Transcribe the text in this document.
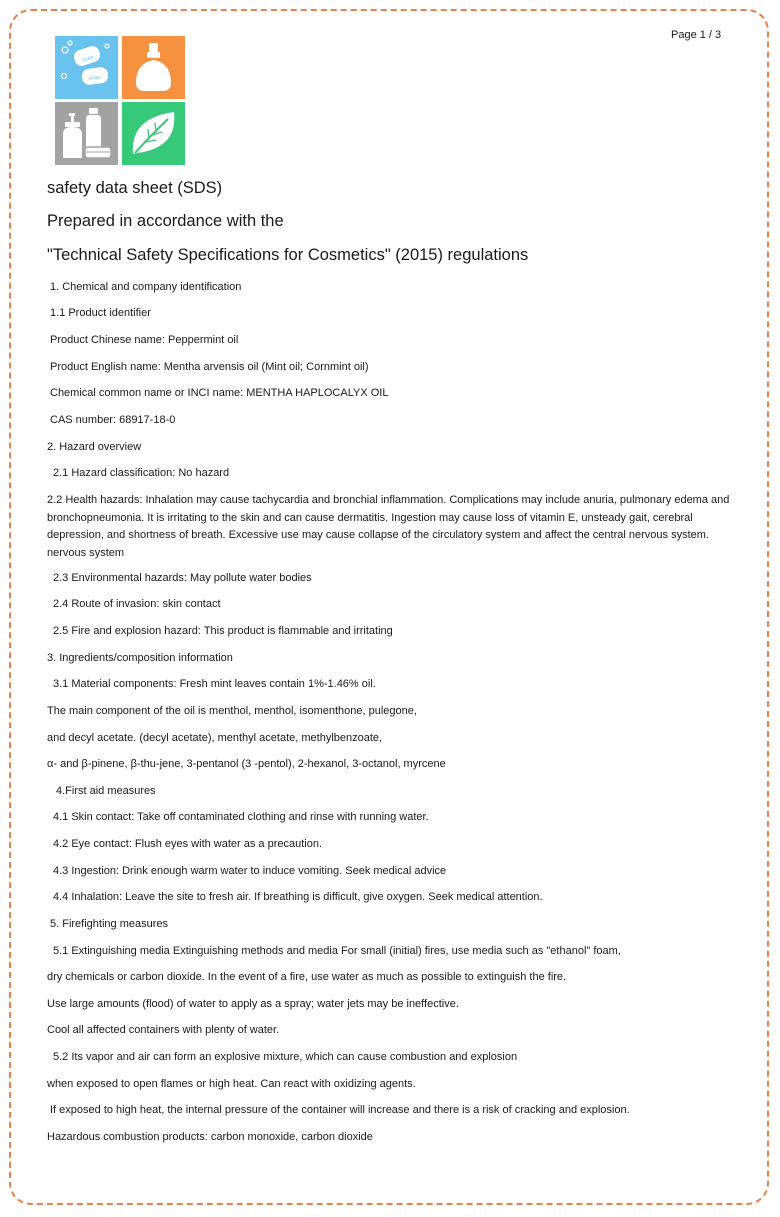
Page 1 / 3
soap
soap
safety data sheet (SDS)
Prepared in accordance with the
"Technical Safety Specifications for Cosmetics" (2015) regulations
1. Chemical and company identification
1.1 Product identifier
Product Chinese name: Peppermint oil
Product English name: Mentha arvensis oil (Mint oil; Cornmint oil)
Chemical common name or INCI name: MENTHA HAPLOCALYX OIL
CAS number: 68917-18-0
2. Hazard overview
2.1 Hazard classification: No hazard
2.2 Health hazards: Inhalation may cause tachycardia and bronchial inflammation. Complications may include anuria, pulmonary edema and bronchopneumonia. It is irritating to the skin and can cause dermatitis. Ingestion may cause loss of vitamin E, unsteady gait, cerebral depression, and shortness of breath. Excessive use may cause collapse of the circulatory system and affect the central nervous system. nervous system
2.3 Environmental hazards: May pollute water bodies
2.4 Route of invasion: skin contact
2.5 Fire and explosion hazard: This product is flammable and irritating
3. Ingredients/composition information
3.1 Material components: Fresh mint leaves contain 1%-1.46% oil.
The main component of the oil is menthol, menthol, isomenthone, pulegone,
and decyl acetate. (decyl acetate), menthyl acetate, methylbenzoate,
α- and β-pinene, β-thu-jene, 3-pentanol (3 -pentol), 2-hexanol, 3-octanol, myrcene
4.First aid measures
4.1 Skin contact: Take off contaminated clothing and rinse with running water.
4.2 Eye contact: Flush eyes with water as a precaution.
4.3 Ingestion: Drink enough warm water to induce vomiting. Seek medical advice
4.4 Inhalation: Leave the site to fresh air. If breathing is difficult, give oxygen. Seek medical attention.
5. Firefighting measures
5.1 Extinguishing media Extinguishing methods and media For small (initial) fires, use media such as "ethanol" foam,
dry chemicals or carbon dioxide. In the event of a fire, use water as much as possible to extinguish the fire.
Use large amounts (flood) of water to apply as a spray; water jets may be ineffective.
Cool all affected containers with plenty of water.
5.2 Its vapor and air can form an explosive mixture, which can cause combustion and explosion
when exposed to open flames or high heat. Can react with oxidizing agents.
If exposed to high heat, the internal pressure of the container will increase and there is a risk of cracking and explosion.
Hazardous combustion products: carbon monoxide, carbon dioxide
